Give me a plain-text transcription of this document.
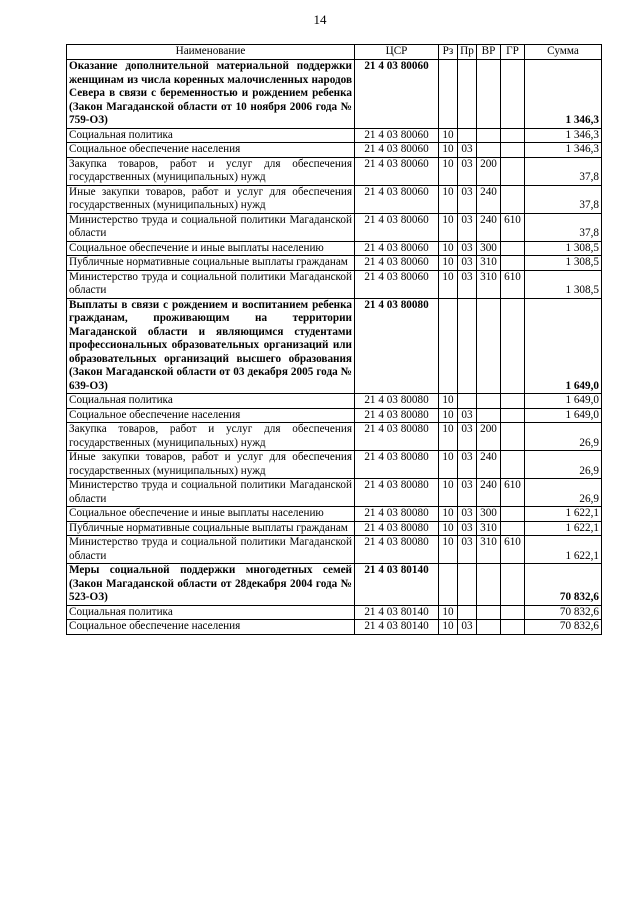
14
Наименование	ЦСР	Рз	Пр	ВР	ГР	Сумма
Оказание дополнительной материальной поддержки женщинам из числа коренных малочисленных народов Севера в связи с беременностью и рождением ребенка (Закон Магаданской области от 10 ноября 2006 года № 759-ОЗ)	21 4 03 80060					1 346,3
Социальная политика	21 4 03 80060	10				1 346,3
Социальное обеспечение населения	21 4 03 80060	10	03			1 346,3
Закупка товаров, работ и услуг для обеспечения государственных (муниципальных) нужд	21 4 03 80060	10	03	200		37,8
Иные закупки товаров, работ и услуг для обеспечения государственных (муниципальных) нужд	21 4 03 80060	10	03	240		37,8
Министерство труда и социальной политики Магаданской области	21 4 03 80060	10	03	240	610	37,8
Социальное обеспечение и иные выплаты населению	21 4 03 80060	10	03	300		1 308,5
Публичные нормативные социальные выплаты гражданам	21 4 03 80060	10	03	310		1 308,5
Министерство труда и социальной политики Магаданской области	21 4 03 80060	10	03	310	610	1 308,5
Выплаты в связи с рождением и воспитанием ребенка гражданам, проживающим на территории Магаданской области и являющимся студентами профессиональных образовательных организаций или образовательных организаций высшего образования (Закон Магаданской области от 03 декабря 2005 года № 639-ОЗ)	21 4 03 80080					1 649,0
Социальная политика	21 4 03 80080	10				1 649,0
Социальное обеспечение населения	21 4 03 80080	10	03			1 649,0
Закупка товаров, работ и услуг для обеспечения государственных (муниципальных) нужд	21 4 03 80080	10	03	200		26,9
Иные закупки товаров, работ и услуг для обеспечения государственных (муниципальных) нужд	21 4 03 80080	10	03	240		26,9
Министерство труда и социальной политики Магаданской области	21 4 03 80080	10	03	240	610	26,9
Социальное обеспечение и иные выплаты населению	21 4 03 80080	10	03	300		1 622,1
Публичные нормативные социальные выплаты гражданам	21 4 03 80080	10	03	310		1 622,1
Министерство труда и социальной политики Магаданской области	21 4 03 80080	10	03	310	610	1 622,1
Меры социальной поддержки многодетных семей (Закон Магаданской области от 28декабря 2004 года № 523-ОЗ)	21 4 03 80140					70 832,6
Социальная политика	21 4 03 80140	10				70 832,6
Социальное обеспечение населения	21 4 03 80140	10	03			70 832,6
